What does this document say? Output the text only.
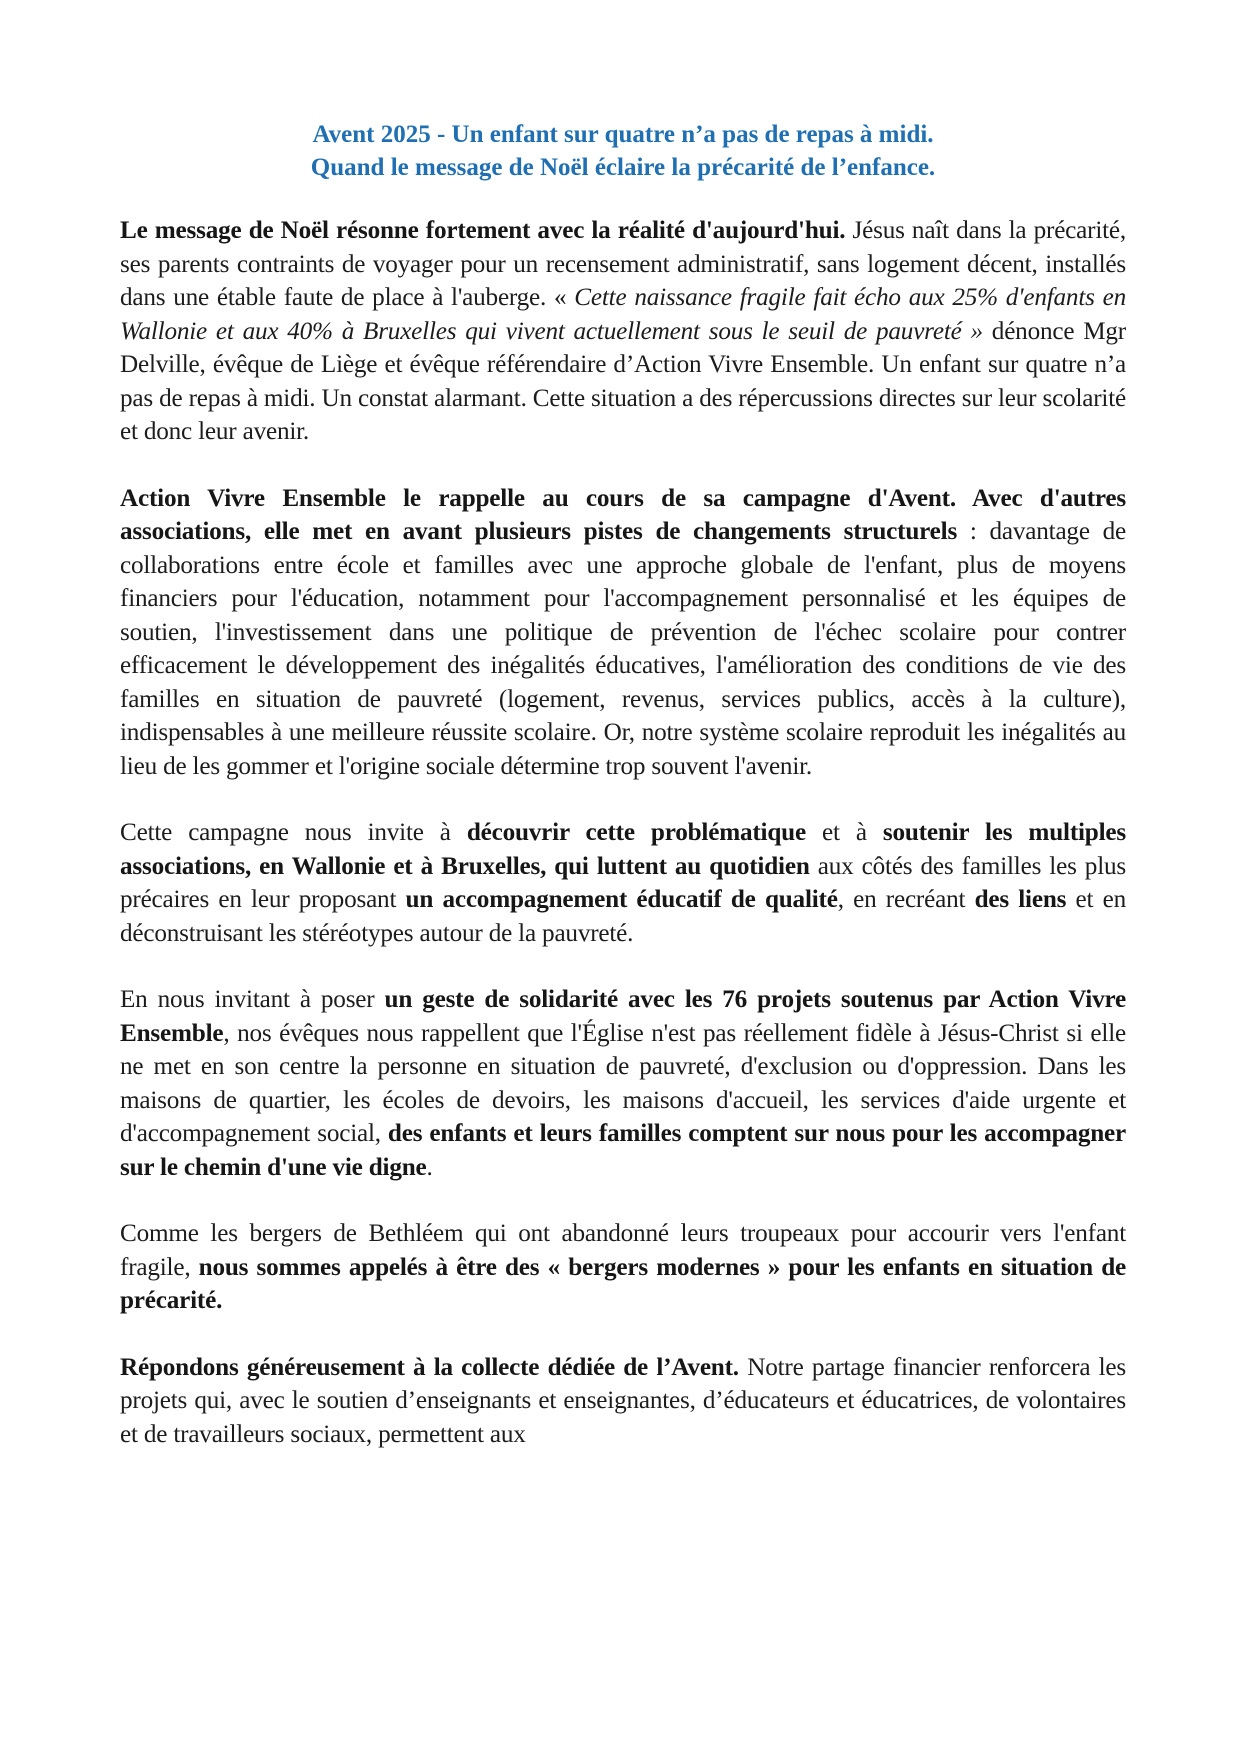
Avent 2025 - Un enfant sur quatre n’a pas de repas à midi.
Quand le message de Noël éclaire la précarité de l’enfance.

Le message de Noël résonne fortement avec la réalité d'aujourd'hui. Jésus naît dans la précarité, ses parents contraints de voyager pour un recensement administratif, sans logement décent, installés dans une étable faute de place à l'auberge. « Cette naissance fragile fait écho aux 25% d'enfants en Wallonie et aux 40% à Bruxelles qui vivent actuellement sous le seuil de pauvreté » dénonce Mgr Delville, évêque de Liège et évêque référendaire d’Action Vivre Ensemble. Un enfant sur quatre n’a pas de repas à midi. Un constat alarmant. Cette situation a des répercussions directes sur leur scolarité et donc leur avenir.

Action Vivre Ensemble le rappelle au cours de sa campagne d'Avent. Avec d'autres associations, elle met en avant plusieurs pistes de changements structurels : davantage de collaborations entre école et familles avec une approche globale de l'enfant, plus de moyens financiers pour l'éducation, notamment pour l'accompagnement personnalisé et les équipes de soutien, l'investissement dans une politique de prévention de l'échec scolaire pour contrer efficacement le développement des inégalités éducatives, l'amélioration des conditions de vie des familles en situation de pauvreté (logement, revenus, services publics, accès à la culture), indispensables à une meilleure réussite scolaire. Or, notre système scolaire reproduit les inégalités au lieu de les gommer et l'origine sociale détermine trop souvent l'avenir.

Cette campagne nous invite à découvrir cette problématique et à soutenir les multiples associations, en Wallonie et à Bruxelles, qui luttent au quotidien aux côtés des familles les plus précaires en leur proposant un accompagnement éducatif de qualité, en recréant des liens et en déconstruisant les stéréotypes autour de la pauvreté.

En nous invitant à poser un geste de solidarité avec les 76 projets soutenus par Action Vivre Ensemble, nos évêques nous rappellent que l'Église n'est pas réellement fidèle à Jésus-Christ si elle ne met en son centre la personne en situation de pauvreté, d'exclusion ou d'oppression. Dans les maisons de quartier, les écoles de devoirs, les maisons d'accueil, les services d'aide urgente et d'accompagnement social, des enfants et leurs familles comptent sur nous pour les accompagner sur le chemin d'une vie digne.

Comme les bergers de Bethléem qui ont abandonné leurs troupeaux pour accourir vers l'enfant fragile, nous sommes appelés à être des « bergers modernes » pour les enfants en situation de précarité.

Répondons généreusement à la collecte dédiée de l’Avent. Notre partage financier renforcera les projets qui, avec le soutien d’enseignants et enseignantes, d’éducateurs et éducatrices, de volontaires et de travailleurs sociaux, permettent aux
